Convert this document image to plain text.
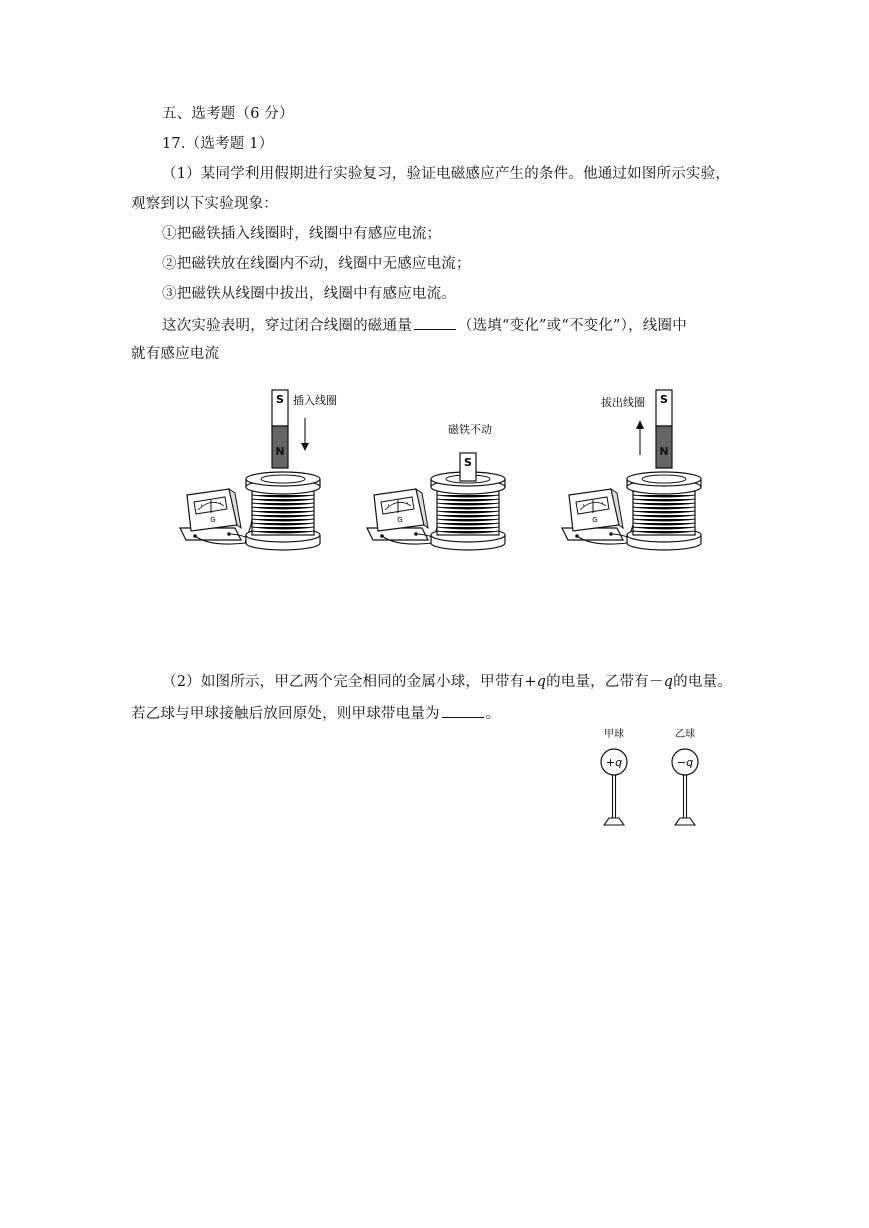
五、选考题（6 分）
17.（选考题 1）
（1）某同学利用假期进行实验复习，验证电磁感应产生的条件。他通过如图所示实验，
观察到以下实验现象：
①把磁铁插入线圈时，线圈中有感应电流；
②把磁铁放在线圈内不动，线圈中无感应电流；
③把磁铁从线圈中拔出，线圈中有感应电流。
这次实验表明，穿过闭合线圈的磁通量	（选填“变化”或“不变化”），线圈中
就有感应电流
G
S
N
插入线圈
G
S
磁铁不动
G
S
N
拔出线圈
（2）如图所示，甲乙两个完全相同的金属小球，甲带有+q的电量，乙带有－q的电量。
若乙球与甲球接触后放回原处，则甲球带电量为	。
甲球
+q
乙球
−q
